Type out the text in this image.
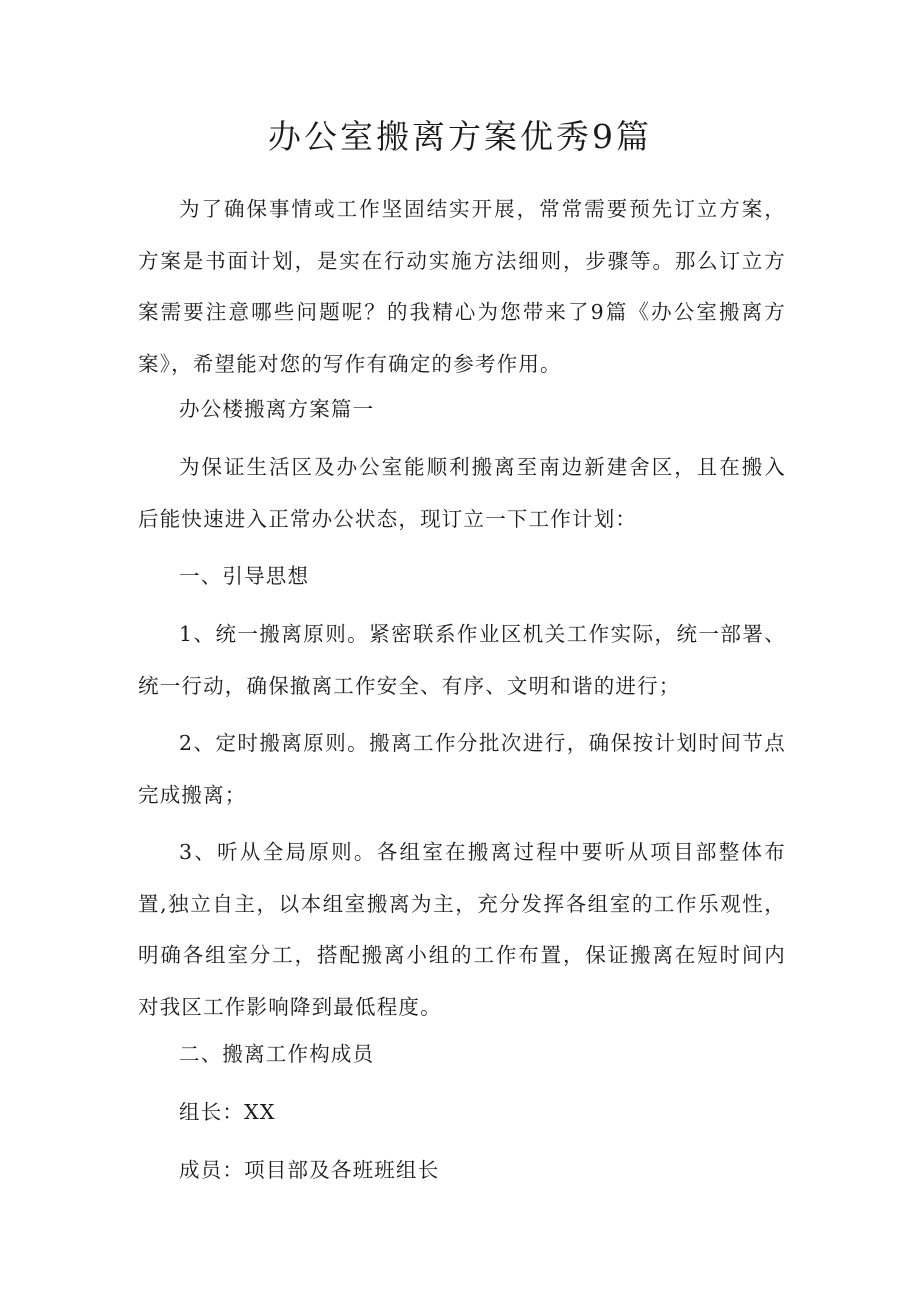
办公室搬离方案优秀9篇

为了确保事情或工作坚固结实开展，常常需要预先订立方案，方案是书面计划，是实在行动实施方法细则，步骤等。那么订立方案需要注意哪些问题呢？的我精心为您带来了9篇《办公室搬离方案》，希望能对您的写作有确定的参考作用。

办公楼搬离方案篇一

为保证生活区及办公室能顺利搬离至南边新建舍区，且在搬入后能快速进入正常办公状态，现订立一下工作计划：

一、引导思想

1、统一搬离原则。紧密联系作业区机关工作实际，统一部署、统一行动，确保撤离工作安全、有序、文明和谐的进行；

2、定时搬离原则。搬离工作分批次进行，确保按计划时间节点完成搬离；

3、听从全局原则。各组室在搬离过程中要听从项目部整体布置,独立自主，以本组室搬离为主，充分发挥各组室的工作乐观性，明确各组室分工，搭配搬离小组的工作布置，保证搬离在短时间内对我区工作影响降到最低程度。

二、搬离工作构成员

组长：XX

成员：项目部及各班班组长
